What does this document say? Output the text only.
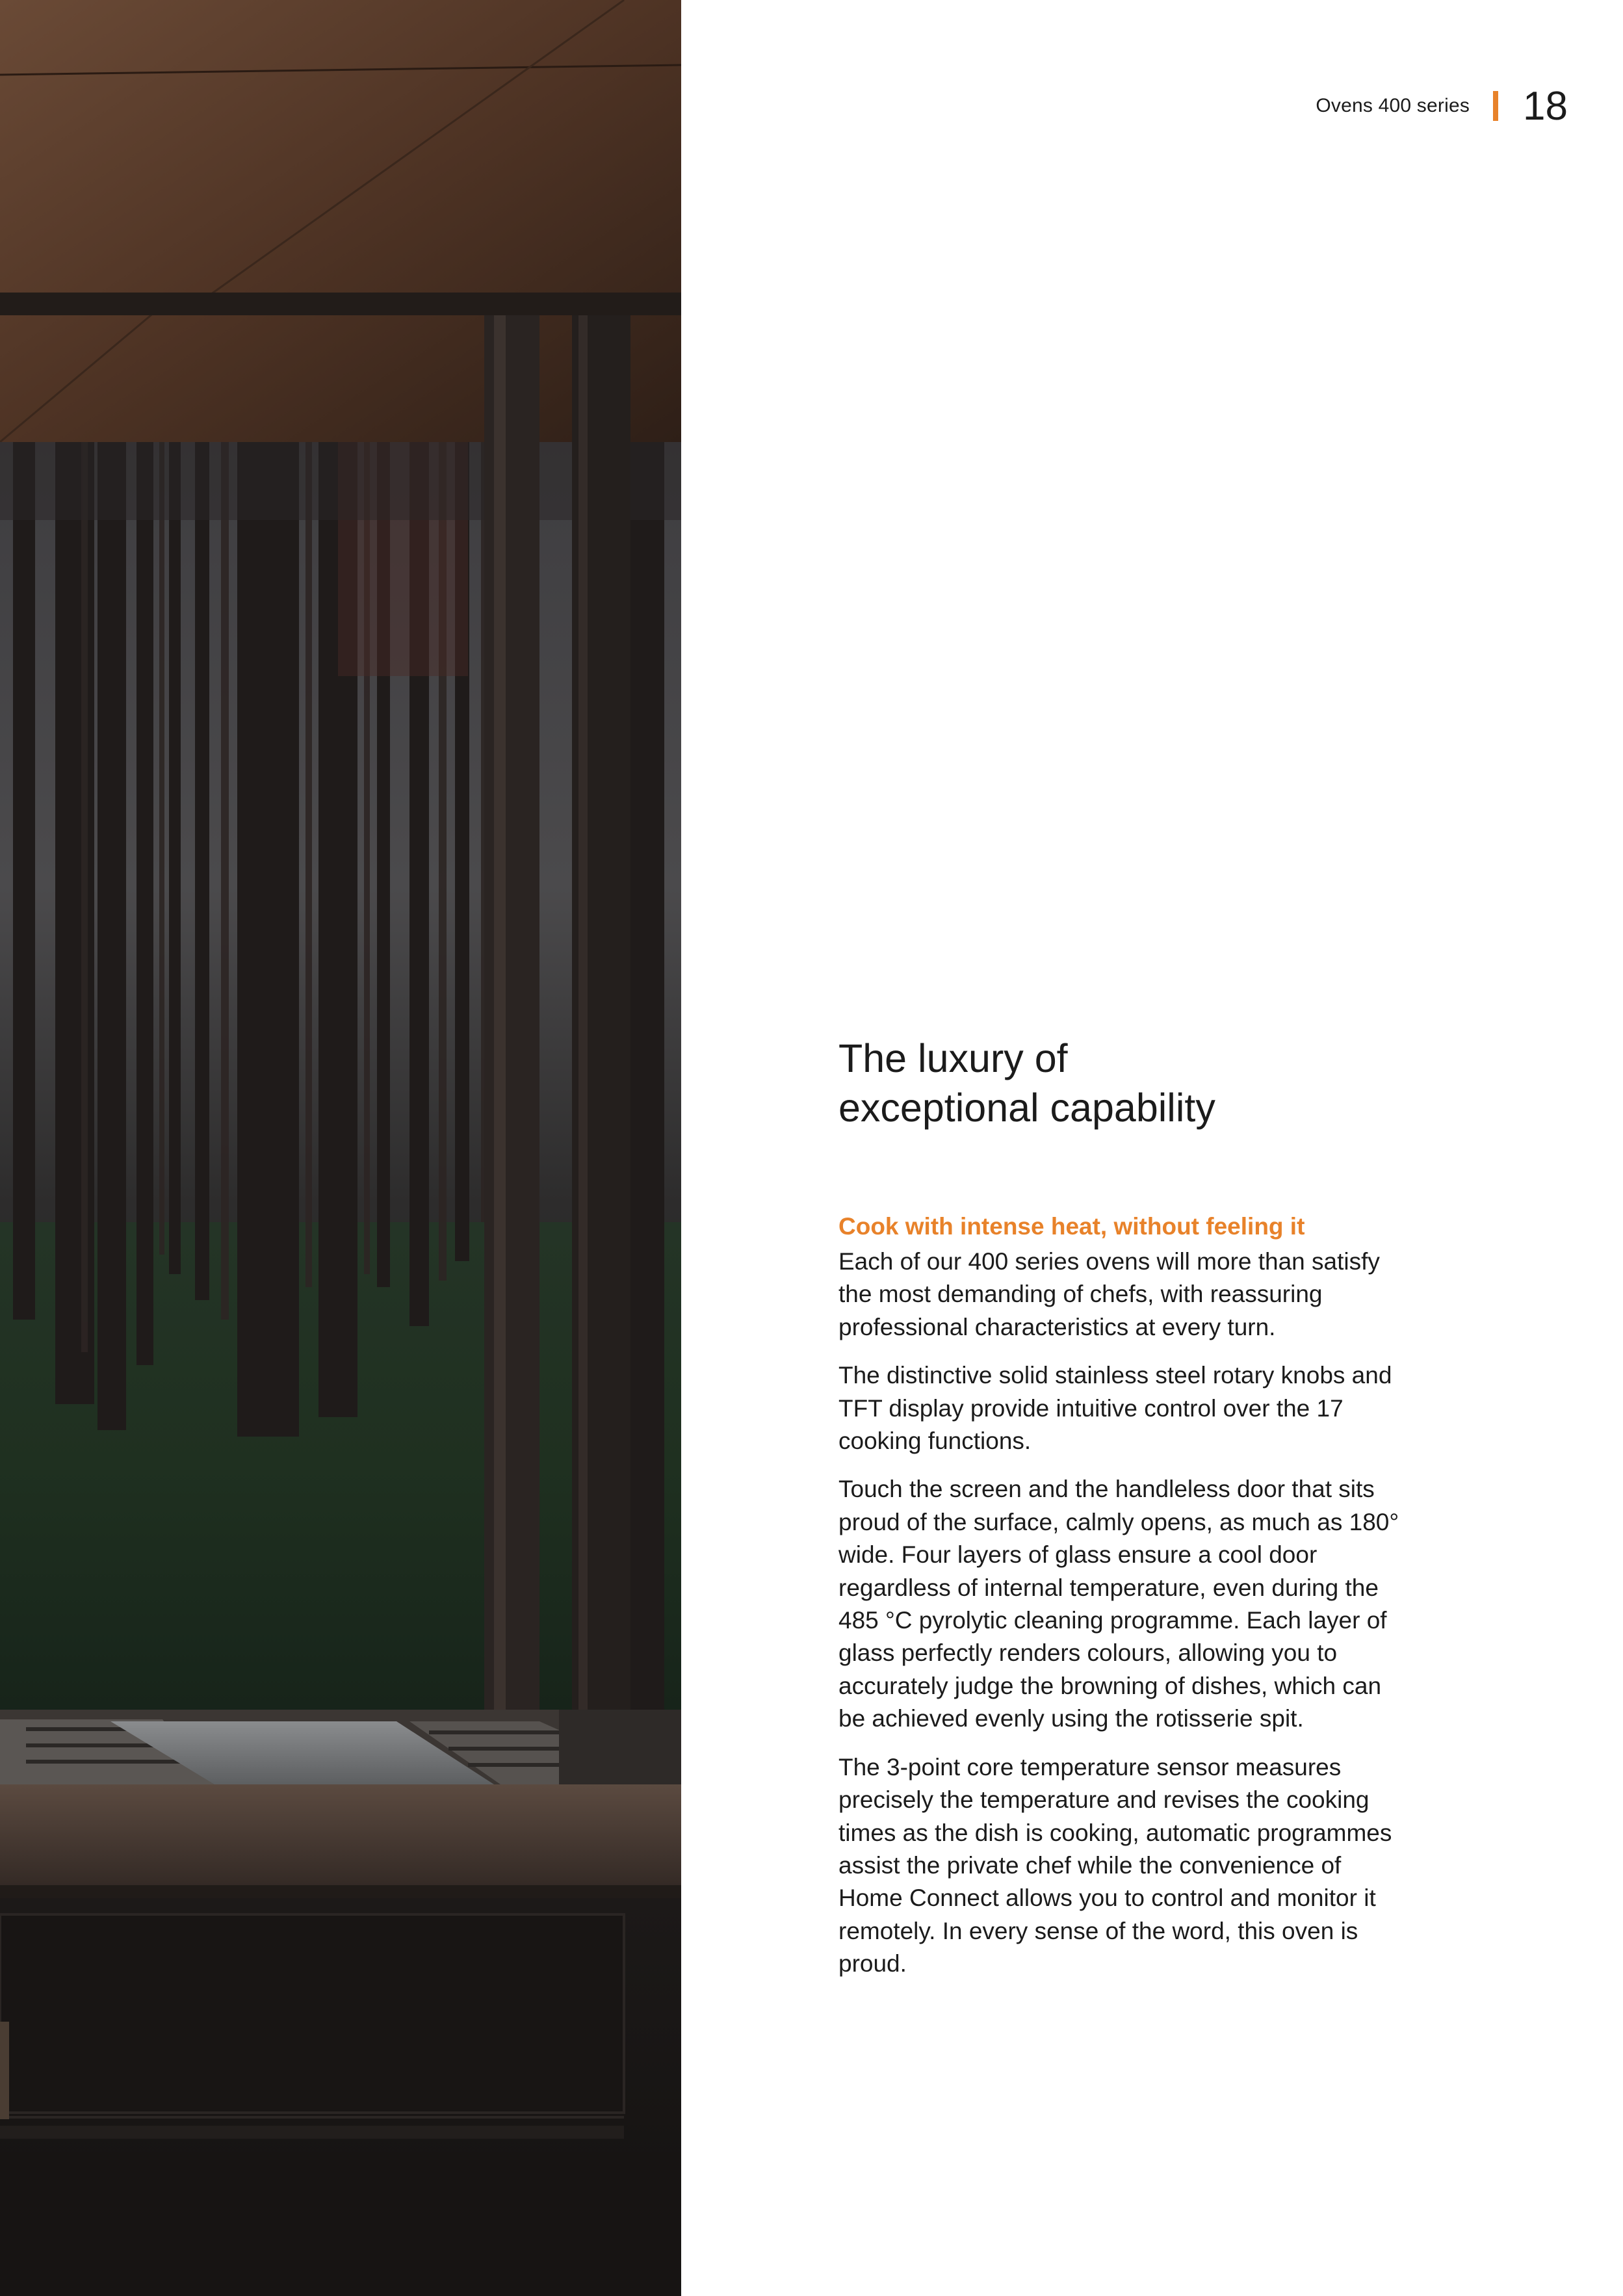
Ovens 400 series 18
The luxury of
exceptional capability
Cook with intense heat, without feeling it

Each of our 400 series ovens will more than satisfy the most demanding of chefs, with reassuring professional characteristics at every turn.

The distinctive solid stainless steel rotary knobs and TFT display provide intuitive control over the 17 cooking functions.

Touch the screen and the handleless door that sits proud of the surface, calmly opens, as much as 180° wide. Four layers of glass ensure a cool door regardless of internal temperature, even during the 485 °C pyrolytic cleaning programme. Each layer of glass perfectly renders colours, allowing you to accurately judge the browning of dishes, which can be achieved evenly using the rotisserie spit.

The 3-point core temperature sensor measures precisely the temperature and revises the cooking times as the dish is cooking, automatic programmes assist the private chef while the convenience of Home Connect allows you to control and monitor it remotely. In every sense of the word, this oven is proud.
